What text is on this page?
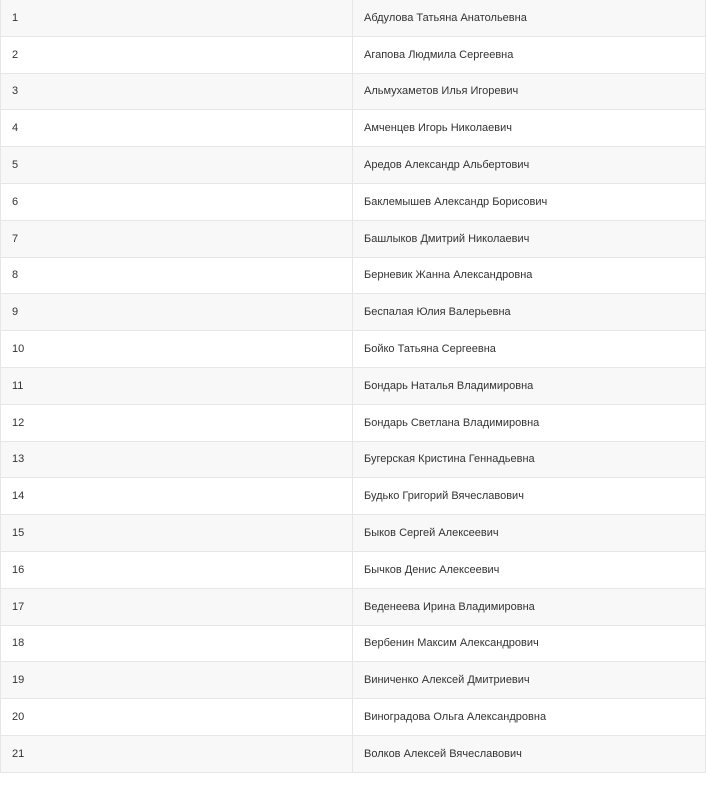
1	Абдулова Татьяна Анатольевна
2	Агапова Людмила Сергеевна
3	Альмухаметов Илья Игоревич
4	Амченцев Игорь Николаевич
5	Аредов Александр Альбертович
6	Баклемышев Александр Борисович
7	Башлыков Дмитрий Николаевич
8	Берневик Жанна Александровна
9	Беспалая Юлия Валерьевна
10	Бойко Татьяна Сергеевна
11	Бондарь Наталья Владимировна
12	Бондарь Светлана Владимировна
13	Бугерская Кристина Геннадьевна
14	Будько Григорий Вячеславович
15	Быков Сергей Алексеевич
16	Бычков Денис Алексеевич
17	Веденеева Ирина Владимировна
18	Вербенин Максим Александрович
19	Виниченко Алексей Дмитриевич
20	Виноградова Ольга Александровна
21	Волков Алексей Вячеславович
